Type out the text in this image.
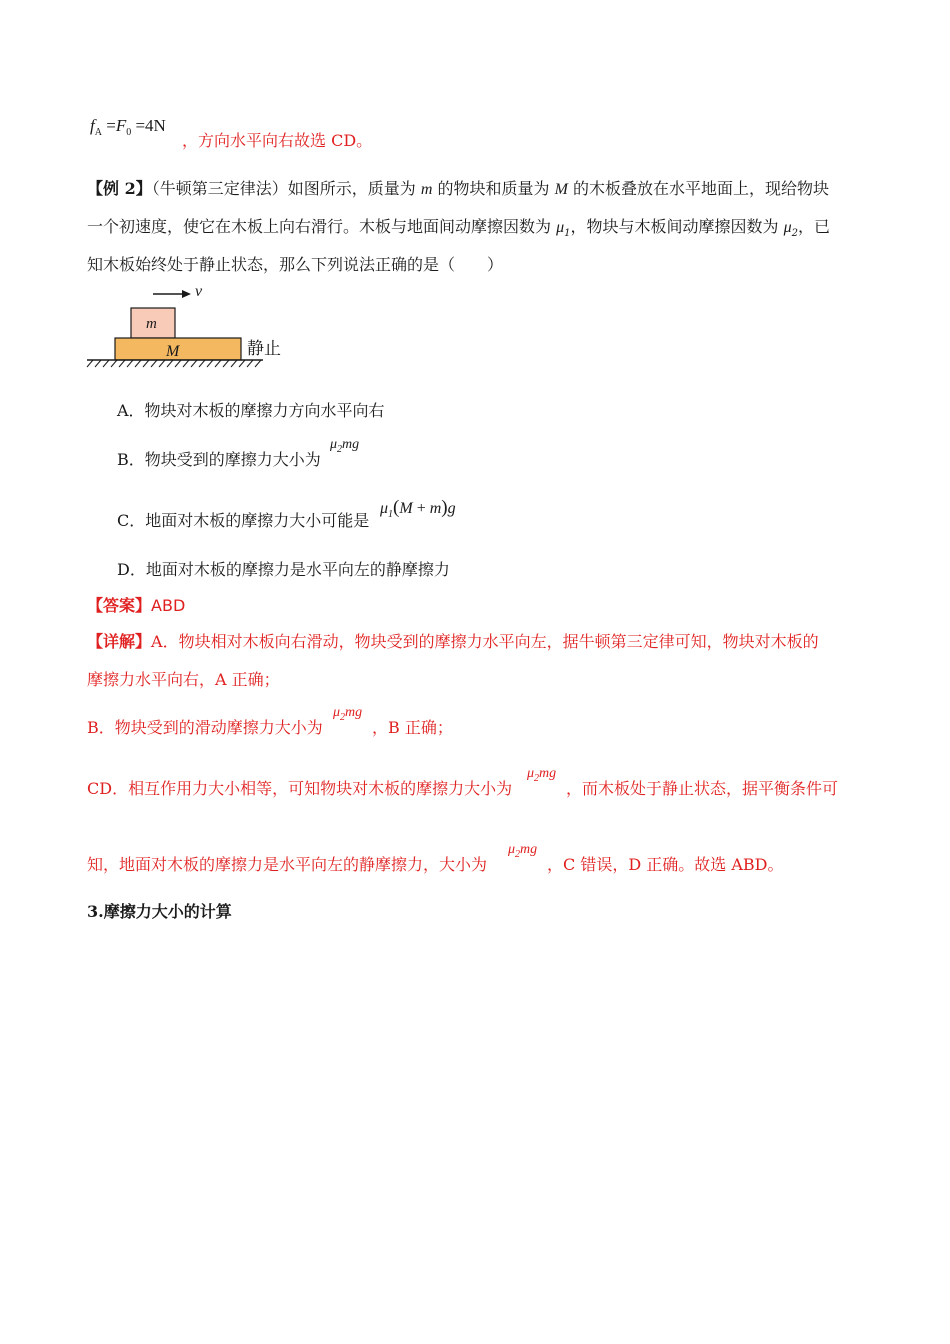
$f_A =F_0 =4N$
，方向水平向右故选 CD。
【例 2】（牛顿第三定律法）如图所示，质量为 m 的物块和质量为 M 的木板叠放在水平地面上，现给物块
一个初速度，使它在木板上向右滑行。木板与地面间动摩擦因数为 $\mu_1$，物块与木板间动摩擦因数为 $\mu_2$，已
知木板始终处于静止状态，那么下列说法正确的是（　　）
v
m
M	静止
A．物块对木板的摩擦力方向水平向右
B．物块受到的摩擦力大小为
$\mu_2mg$
C．地面对木板的摩擦力大小可能是
$\mu_1(M + m)g$
D．地面对木板的摩擦力是水平向左的静摩擦力
【答案】ABD
【详解】A．物块相对木板向右滑动，物块受到的摩擦力水平向左，据牛顿第三定律可知，物块对木板的
摩擦力水平向右，A 正确；
B．物块受到的滑动摩擦力大小为
$\mu_2mg$
，B 正确；
CD．相互作用力大小相等，可知物块对木板的摩擦力大小为
$\mu_2mg$
，而木板处于静止状态，据平衡条件可
知，地面对木板的摩擦力是水平向左的静摩擦力，大小为
$\mu_2mg$
，C 错误，D 正确。故选 ABD。
3.摩擦力大小的计算
